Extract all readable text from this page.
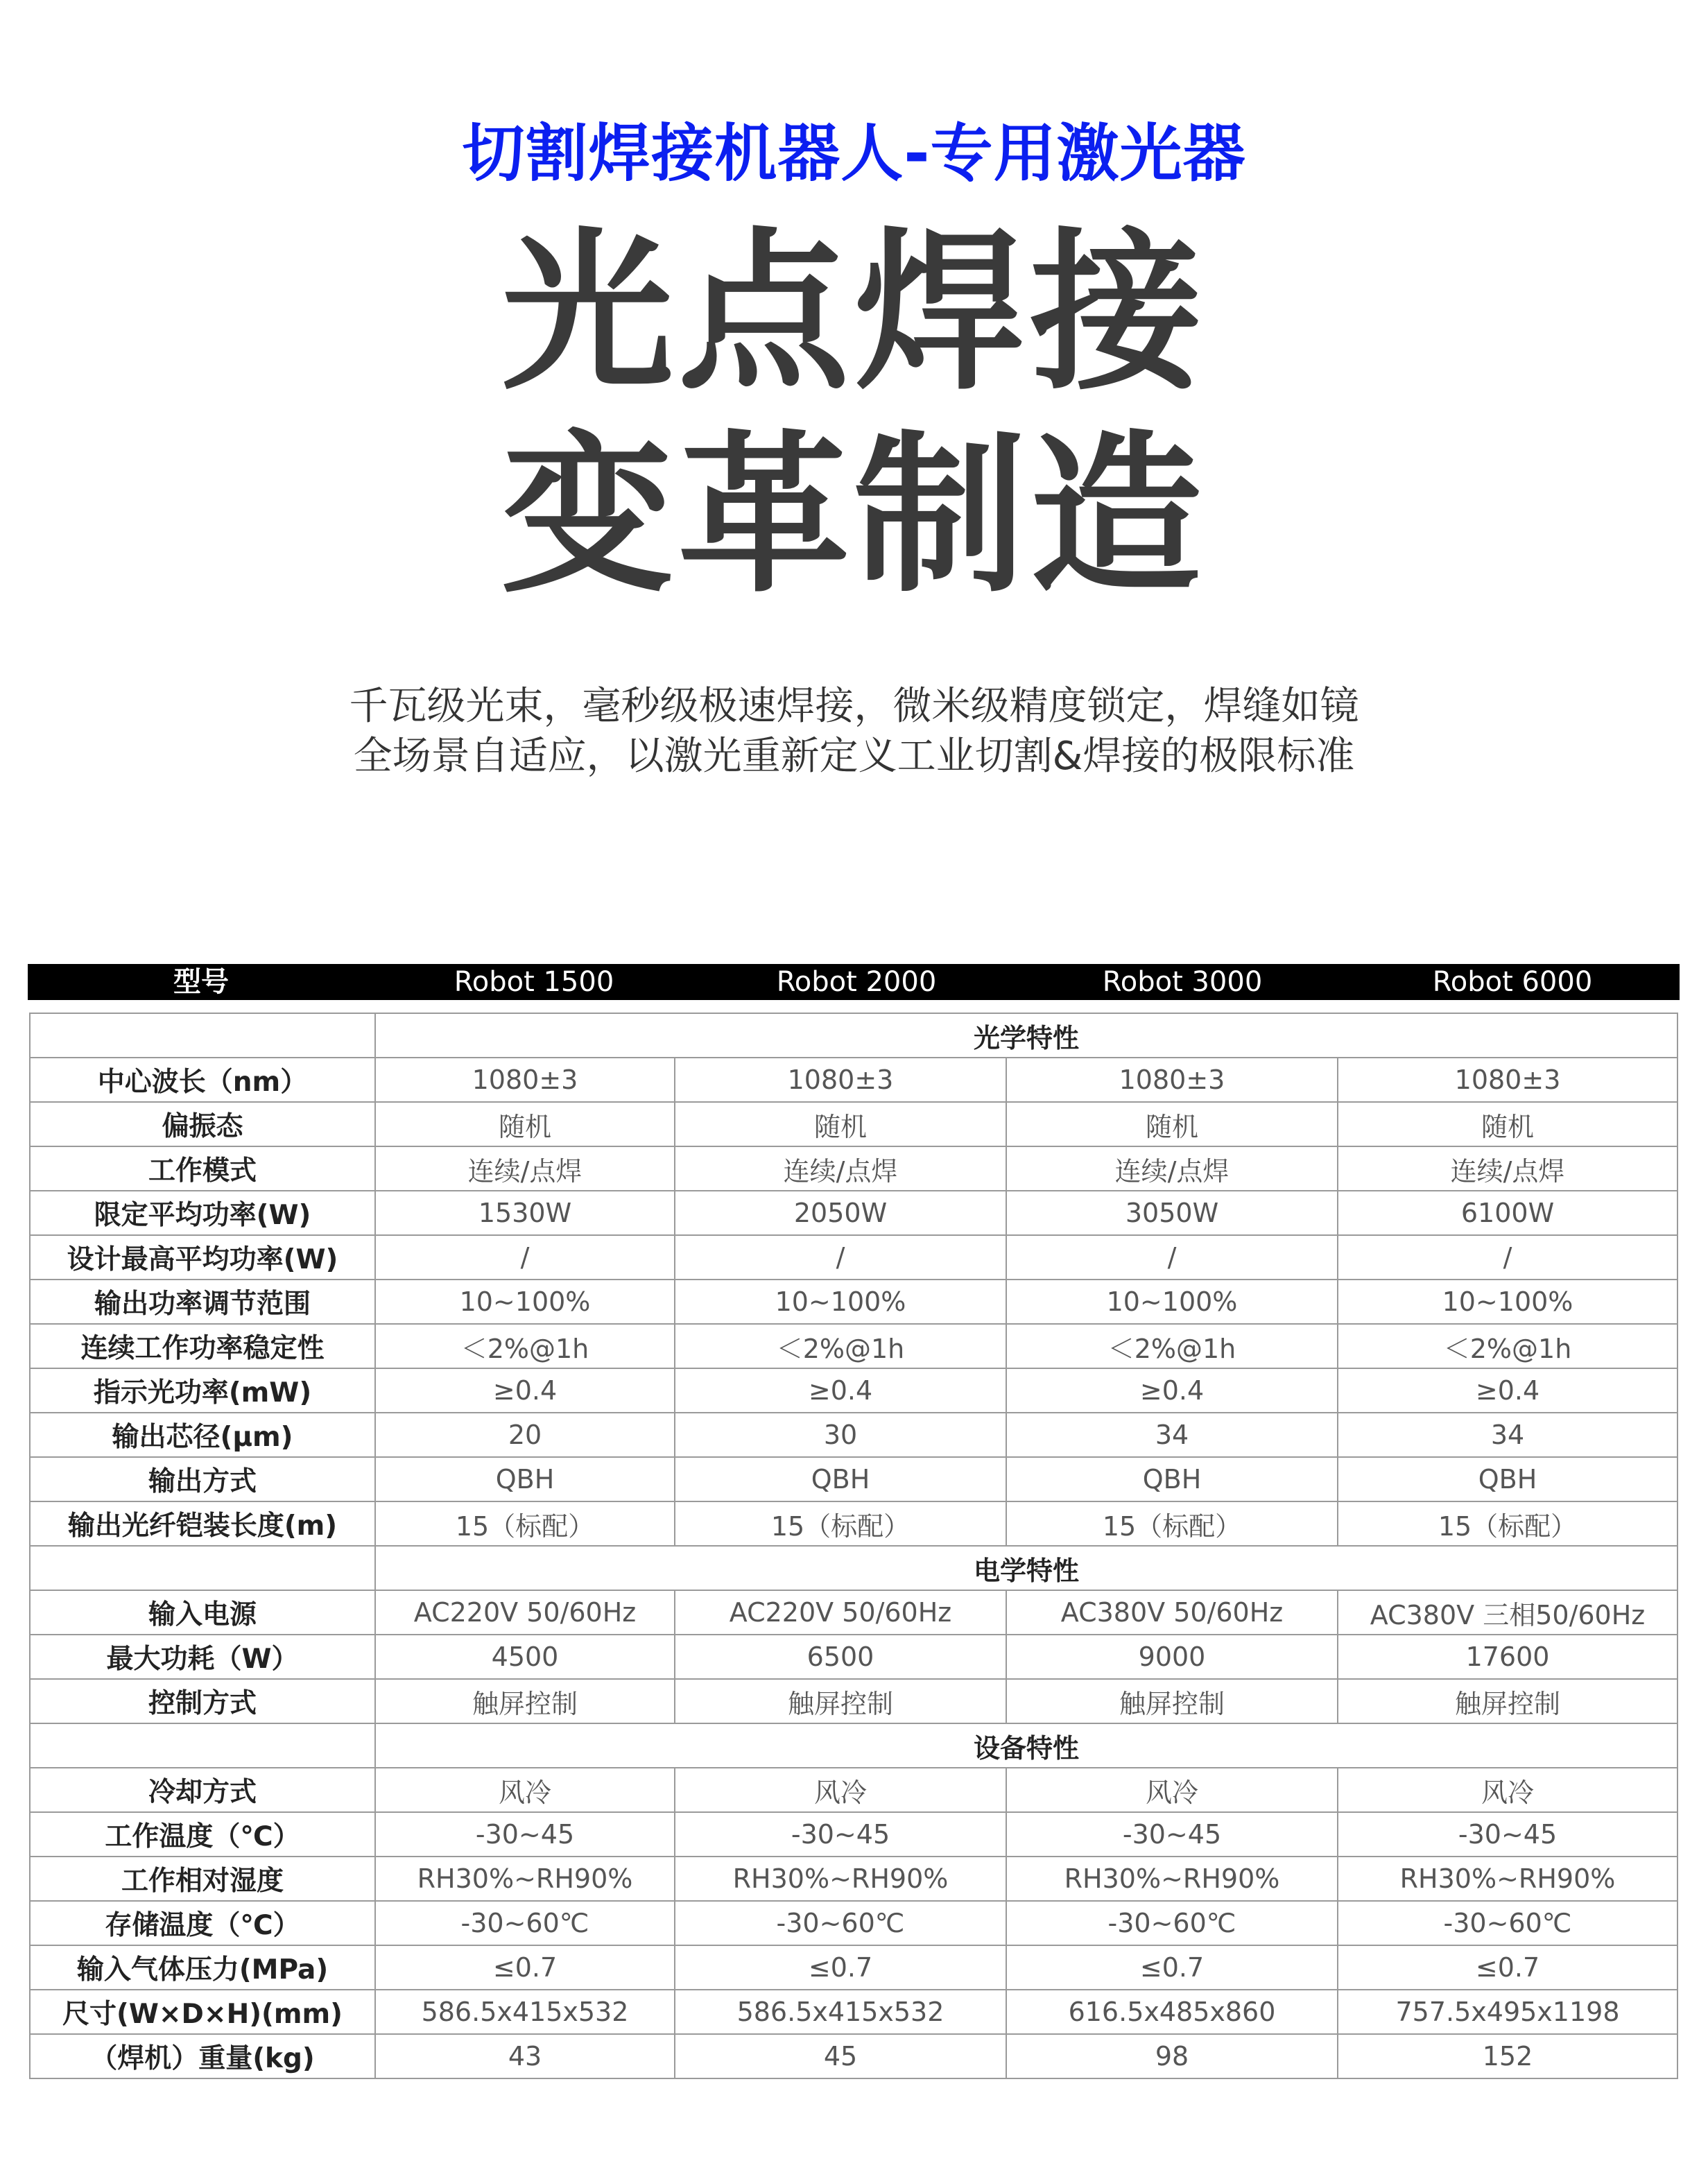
切割焊接机器人-专用激光器
光点焊接
变革制造
千瓦级光束，毫秒级极速焊接，微米级精度锁定，焊缝如镜
全场景自适应，以激光重新定义工业切割&焊接的极限标准
型号	Robot 1500	Robot 2000	Robot 3000	Robot 6000
	光学特性			
中心波长（nm）	1080±3	1080±3	1080±3	1080±3
偏振态	随机	随机	随机	随机
工作模式	连续/点焊	连续/点焊	连续/点焊	连续/点焊
限定平均功率(W)	1530W	2050W	3050W	6100W
设计最高平均功率(W)	/	/	/	/
输出功率调节范围	10~100%	10~100%	10~100%	10~100%
连续工作功率稳定性	＜2%@1h	＜2%@1h	＜2%@1h	＜2%@1h
指示光功率(mW)	≥0.4	≥0.4	≥0.4	≥0.4
输出芯径(μm)	20	30	34	34
输出方式	QBH	QBH	QBH	QBH
输出光纤铠装长度(m)	15（标配）	15（标配）	15（标配）	15（标配）
	电学特性			
输入电源	AC220V 50/60Hz	AC220V 50/60Hz	AC380V 50/60Hz	AC380V 三相50/60Hz
最大功耗（W）	4500	6500	9000	17600
控制方式	触屏控制	触屏控制	触屏控制	触屏控制
	设备特性			
冷却方式	风冷	风冷	风冷	风冷
工作温度（℃）	-30~45	-30~45	-30~45	-30~45
工作相对湿度	RH30%~RH90%	RH30%~RH90%	RH30%~RH90%	RH30%~RH90%
存储温度（℃）	-30~60℃	-30~60℃	-30~60℃	-30~60℃
输入气体压力(MPa)	≤0.7	≤0.7	≤0.7	≤0.7
尺寸(W×D×H)(mm)	586.5x415x532	586.5x415x532	616.5x485x860	757.5x495x1198
（焊机）重量(kg)	43	45	98	152
